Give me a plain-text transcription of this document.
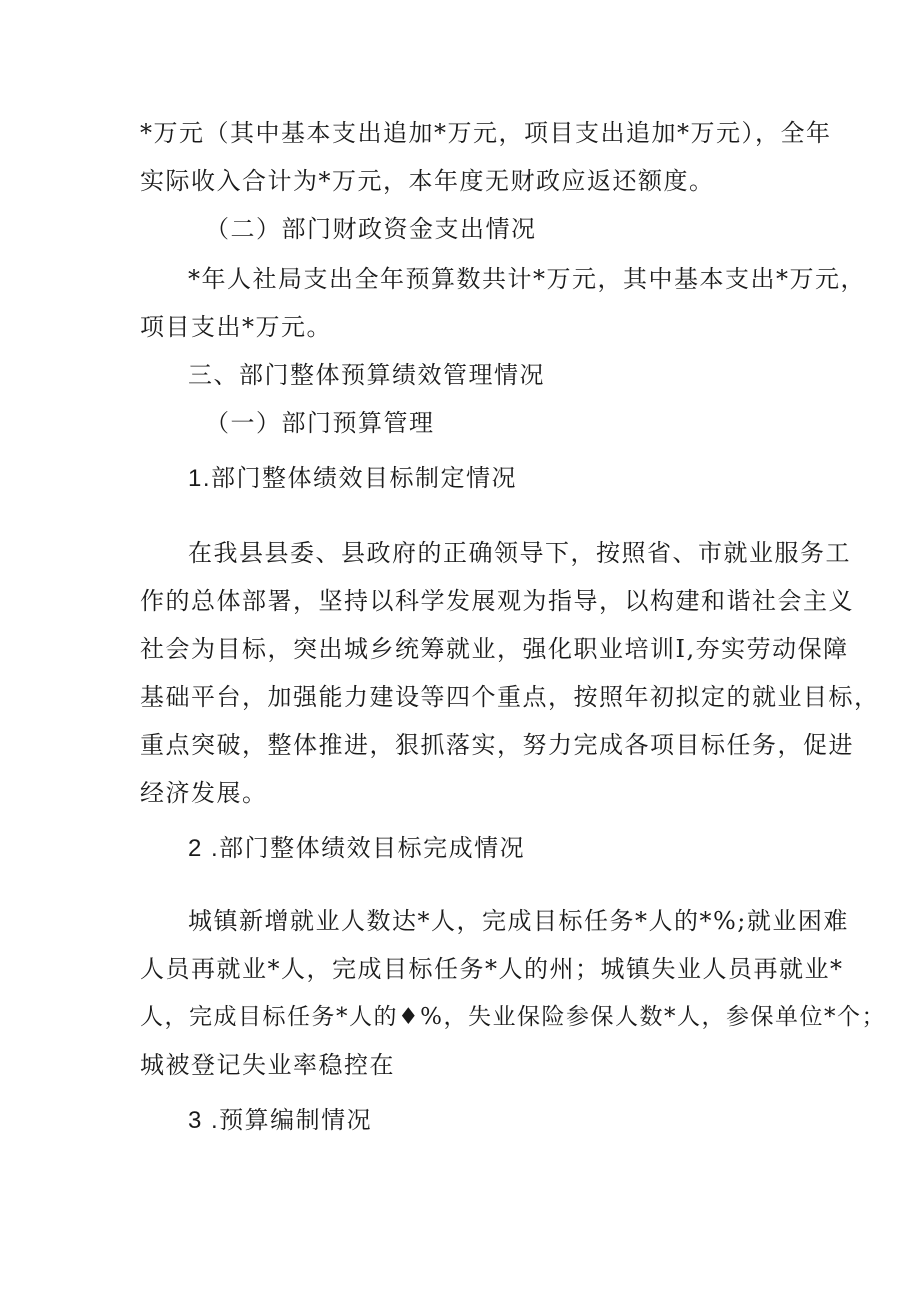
*万元（其中基本支出追加*万元，项目支出追加*万元），全年

实际收入合计为*万元，本年度无财政应返还额度。

（二）部门财政资金支出情况

*年人社局支出全年预算数共计*万元，其中基本支出*万元，

项目支出*万元。

三、部门整体预算绩效管理情况

（一）部门预算管理

1.部门整体绩效目标制定情况

在我县县委、县政府的正确领导下，按照省、市就业服务工

作的总体部署，坚持以科学发展观为指导，以构建和谐社会主义

社会为目标，突出城乡统筹就业，强化职业培训I,夯实劳动保障

基础平台，加强能力建设等四个重点，按照年初拟定的就业目标，

重点突破，整体推进，狠抓落实，努力完成各项目标任务，促进

经济发展。

2 .部门整体绩效目标完成情况

城镇新增就业人数达*人，完成目标任务*人的*%;就业困难

人员再就业*人，完成目标任务*人的州；城镇失业人员再就业*

人，完成目标任务*人的♦%，失业保险参保人数*人，参保单位*个；

城被登记失业率稳控在

3 .预算编制情况
